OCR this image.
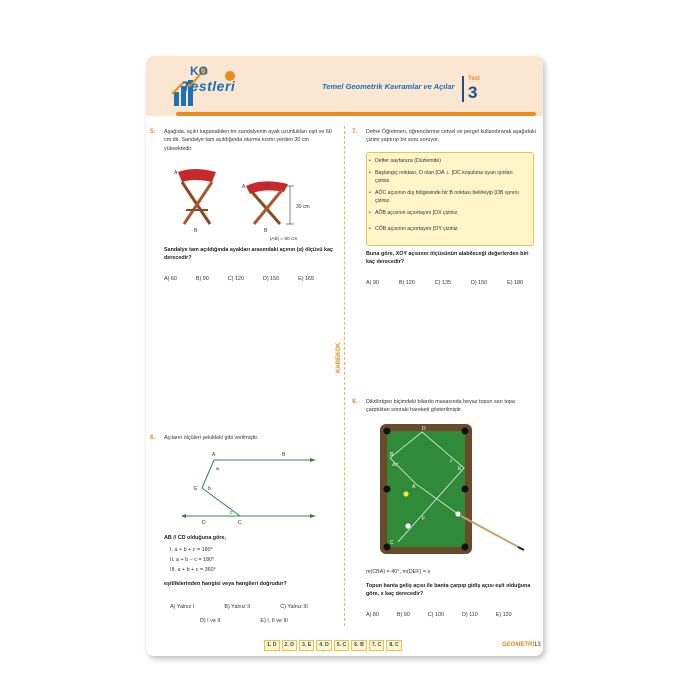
KO
Testleri	Temel Geometrik Kavramlar ve Açılar
Test
3
KAREKÖK
5. Aşağıda, açılır kapanabilen bir sandalyenin ayak uzunlukları eşit ve 60 cm dir. Sandalye tam açıldığında oturma kısmı yerden 30 cm yüksektedir.
A
B
A
B
30 cm
|AB| = 60 cm
Sandalye tam açıldığında ayakları arasındaki açının (α) ölçüsü kaç derecedir?
A) 60	B) 90	C) 120	D) 150	E) 165
6. Açıların ölçüleri şekildeki gibi verilmiştir.
A	B
E
C
D
a
b
c
AB // CD olduğuna göre,
I. a + b + c = 180°
II. a + b − c = 180°
III. a + b + c = 360°
eşitliklerinden hangisi veya hangileri doğrudur?
A) Yalnız I	B) Yalnız II	C) Yalnız III
D) I ve II	E) I, II ve III
7. Defne Öğretmen, öğrencilerine cetvel ve pergel kullandırarak aşağıdaki çizimi yaptırıp bir soru soruyor.
• Defter sayfanıza (Düzlemde)
• Başlangıç noktası, O olan [OA ⊥ [OC koşuluna uyan ışınları çiziniz.
• AÔC açısının dış bölgesinde bir B noktası belirleyip [OB ışınını çiziniz.
• AÔB açısının açıortayını [OX çiziniz.
• CÔB açısının açıortayını [OY çiziniz.
Buna göre, XOY açısının ölçüsünün alabileceği değerlerden biri kaç derecedir?
A) 90	B) 120	C) 135	D) 150	E) 180
8. Dikdörtgen biçimdeki bilardo masasında beyaz topun sarı topa çarptıktan sonraki hareketi gösterilmiştir.
D
E
B
40°
A
F
C
x
m(CBA) = 40°, m(DEF) = x
Topun banta geliş açısı ile banta çarpıp gidiş açısı eşit olduğuna göre, x kaç derecedir?
A) 80	B) 90	C) 100	D) 110	E) 120
1. D	2. D	3. E	4. D	5. C	6. B	7. C	8. C	GEOMETRİ 13
